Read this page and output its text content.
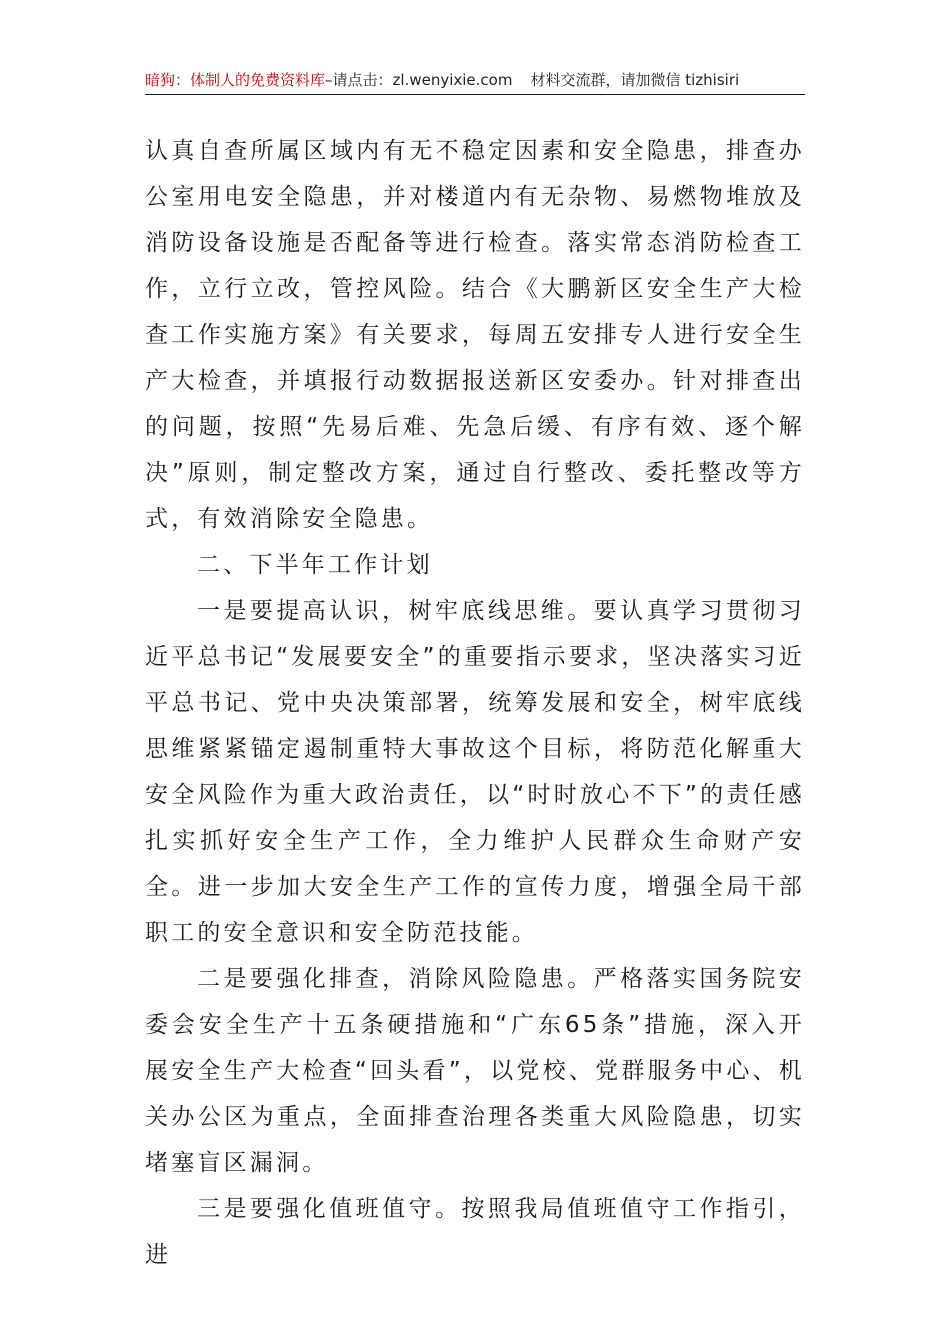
暗狗：体制人的免费资料库–请点击：zl.wenyixie.com 材料交流群，请加微信 tizhisiri

认真自查所属区域内有无不稳定因素和安全隐患，排查办公室用电安全隐患，并对楼道内有无杂物、易燃物堆放及消防设备设施是否配备等进行检查。落实常态消防检查工作，立行立改，管控风险。结合《大鹏新区安全生产大检查工作实施方案》有关要求，每周五安排专人进行安全生产大检查，并填报行动数据报送新区安委办。针对排查出的问题，按照“先易后难、先急后缓、有序有效、逐个解决”原则，制定整改方案，通过自行整改、委托整改等方式，有效消除安全隐患。

二、下半年工作计划

一是要提高认识，树牢底线思维。要认真学习贯彻习近平总书记“发展要安全”的重要指示要求，坚决落实习近平总书记、党中央决策部署，统筹发展和安全，树牢底线思维紧紧锚定遏制重特大事故这个目标，将防范化解重大安全风险作为重大政治责任，以“时时放心不下”的责任感扎实抓好安全生产工作，全力维护人民群众生命财产安全。进一步加大安全生产工作的宣传力度，增强全局干部职工的安全意识和安全防范技能。

二是要强化排查，消除风险隐患。严格落实国务院安委会安全生产十五条硬措施和“广东65条”措施，深入开展安全生产大检查“回头看”，以党校、党群服务中心、机关办公区为重点，全面排查治理各类重大风险隐患，切实堵塞盲区漏洞。

三是要强化值班值守。按照我局值班值守工作指引，进
